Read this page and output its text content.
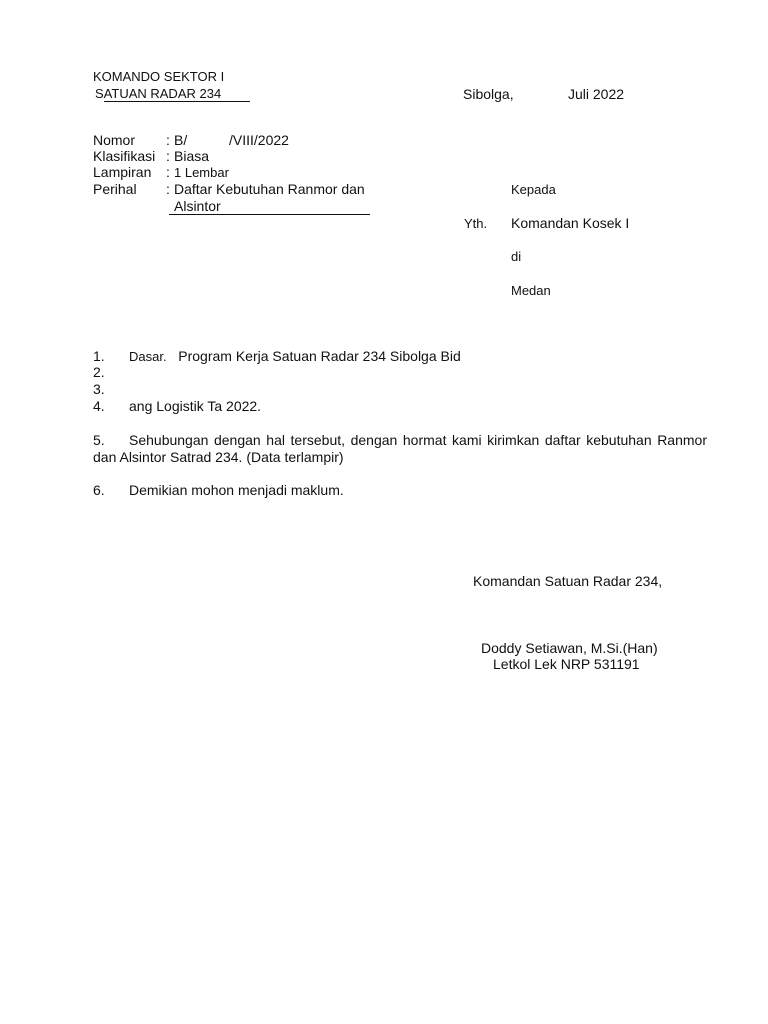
KOMANDO SEKTOR I
SATUAN RADAR 234	Sibolga,	Juli 2022
Nomor : B/	/VIII/2022
Klasifikasi : Biasa
Lampiran : 1 Lembar
Perihal : Daftar Kebutuhan Ranmor dan
Alsintor
Kepada
Yth. Komandan Kosek I
di
Medan
1. Dasar. Program Kerja Satuan Radar 234 Sibolga Bid
2.
3.
4. ang Logistik Ta 2022.
5. Sehubungan dengan hal tersebut, dengan hormat kami kirimkan daftar kebutuhan Ranmor dan Alsintor Satrad 234. (Data terlampir)
6. Demikian mohon menjadi maklum.
Komandan Satuan Radar 234,
Doddy Setiawan, M.Si.(Han)
Letkol Lek NRP 531191
